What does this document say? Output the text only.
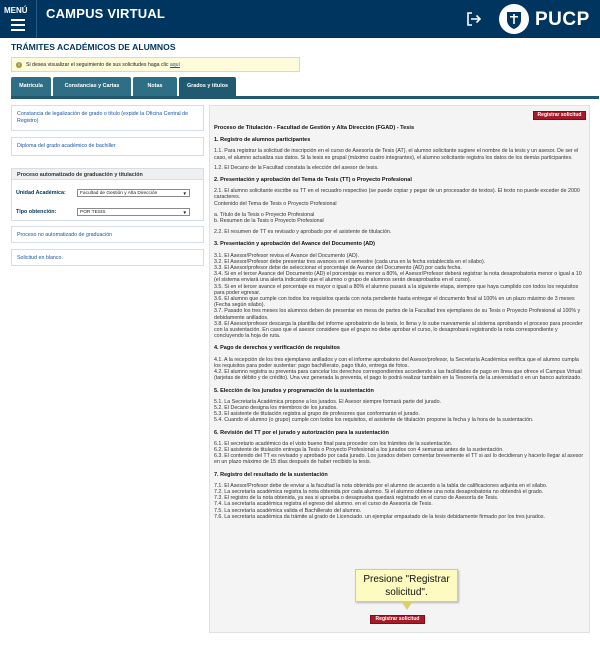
MENÚ CAMPUS VIRTUAL	PUCP
TRÁMITES ACADÉMICOS DE ALUMNOS
i	Si desea visualizar el seguimiento de sus solicitudes haga clic aquí
Matrícula	Constancias y Cartas	Notas	Grados y títulos
Constancia de legalización de grado o título (expide la Oficina Central de Registro)
Diploma del grado académico de bachiller
Proceso automatizado de graduación y titulación
Unidad Académica:	Facultad de Gestión y Alta Dirección	▼
Tipo obtención:	POR TESIS	▼
Proceso no automatizado de graduación
Solicitud en blanco.
Registrar solicitud
Proceso de Titulación - Facultad de Gestión y Alta Dirección (FGAD) - Tesis
1. Registro de alumnos participantes

1.1. Para registrar la solicitud de inscripción en el curso de Asesoría de Tesis (AT), el alumno solicitante sugiere el nombre de la tesis y un asesor. De ser el caso, el alumno actualiza sus datos. Si la tesis es grupal (máximo cuatro integrantes), el alumno solicitante registra los datos de los demás participantes.

1.2. El Decano de la Facultad constata la elección del asesor de tesis.

2. Presentación y aprobación del Tema de Tesis (TT) o Proyecto Profesional
2.1. El alumno solicitante escribe su TT en el recuadro respectivo (se puede copiar y pegar de un procesador de textos). El texto no puede exceder de 2000 caracteres.
Contenido del Tema de Tesis o Proyecto Profesional
a. Título de la Tesis o Proyecto Profesional
b. Resumen de la Tesis o Proyecto Profesional

2.2. El resumen de TT es revisado y aprobado por el asistente de titulación.

3. Presentación y aprobación del Avance del Documento (AD)
3.1. El Asesor/Profesor revisa el Avance del Documento (AD).
3.2. El Asesor/Profesor debe presentar tres avances en el semestre (cada una en la fecha establecida en el silabo).
3.3. El Asesor/profesor debe de seleccionar el porcentaje de Avance del Documento (AD) por cada fecha.
3.4. Si en el tercer Avance del Documento (AD) el porcentaje es menor a 80%, el Asesor/Profesor deberá registrar la nota desaprobatoria menor o igual a 10 (el sistema enviará una alerta indicando que el alumno o grupo de alumnos serán desaprobados en el curso).
3.5. Si en el tercer avance el porcentaje es mayor o igual a 80% el alumno pasará a la siguiente etapa, siempre que haya cumplido con todos los requisitos para poder egresar.
3.6. El alumno que cumple con todos los requisitos queda con nota pendiente hasta entregar el documento final al 100% en un plazo máximo de 3 meses (Fecha según silabo).
3.7. Pasado los tres meses los alumnos deben de presentar en mesa de partes de la Facultad tres ejemplares de su Tesis o Proyecto Profesional al 100% y debidamente anillados.
3.8. El Asesor/profesor descarga la plantilla del informe aprobatorio de la tesis, lo llena y lo sube nuevamente al sistema aprobando el proceso para proceder con la sustentación. En caso que el asesor considere que el grupo no debe aprobar el curso, lo desaprobará registrando la nota correspondiente y concluyendo la hoja de ruta.
4. Pago de derechos y verificación de requisitos
4.1. A la recepción de los tres ejemplares anillados y con el informe aprobatorio del Asesor/profesor, la Secretaría Académica verifica que el alumno cumpla los requisitos para poder sustentar: pago bachillerato, pago título, entrega de fotos.
4.2. El alumno registra su preventa para cancelar los derechos correspondientes accediendo a las facilidades de pago en línea que ofrece el Campus Virtual (tarjetas de débito y de crédito). Una vez generada la preventa, el pago lo podrá realizar también en la Tesorería de la universidad o en un banco autorizado.
5. Elección de los jurados y programación de la sustentación
5.1. La Secretaría Académica propone a los jurados. El Asesor siempre formará parte del jurado.
5.2. El Decano designa los miembros de los jurados.
5.3. El asistente de titulación registra al grupo de profesores que conformarán el jurado.
5.4. Cuando el alumno (o grupo) cumple con todos los requisitos, el asistente de titulación propone la fecha y la hora de la sustentación.
6. Revisión del TT por el jurado y autorización para la sustentación
6.1. El secretario académico da el visto bueno final para proceder con los trámites de la sustentación.
6.2. El asistente de titulación entrega la Tesis o Proyecto Profesional a los jurados con 4 semanas antes de la sustentación.
6.3. El contenido del TT es revisado y aprobado por cada jurado. Los jurados deben comentar brevemente el TT si así lo decidieran y hacerlo llegar al asesor en un plazo máximo de 15 días después de haber recibido la tesis.
7. Registro del resultado de la sustentación
7.1. El Asesor/Profesor debe de enviar a la facultad la nota obtenida por el alumno de acuerdo a la tabla de calificaciones adjunta en el silabo.
7.2. La secretaría académica registra la nota obtenida por cada alumno. Si el alumno obtiene una nota desaprobatoria no obtendrá el grado.
7.3. El registro de la nota obtenida, ya sea si aprueba o desaprueba quedará registrado en el curso de Asesoría de Tesis.
7.4. La secretaría académica registra el egreso del alumno. en el curso de Asesoría de Tesis.
7.5. La secretaría académica valida el Bachillerato del alumno.
7.6. La secretaría académica da trámite al grado de Licenciado. un ejemplar empastado de la tesis debidamente firmado por los tres jurados.
Registrar solicitud
Presione "Registrar solicitud".
